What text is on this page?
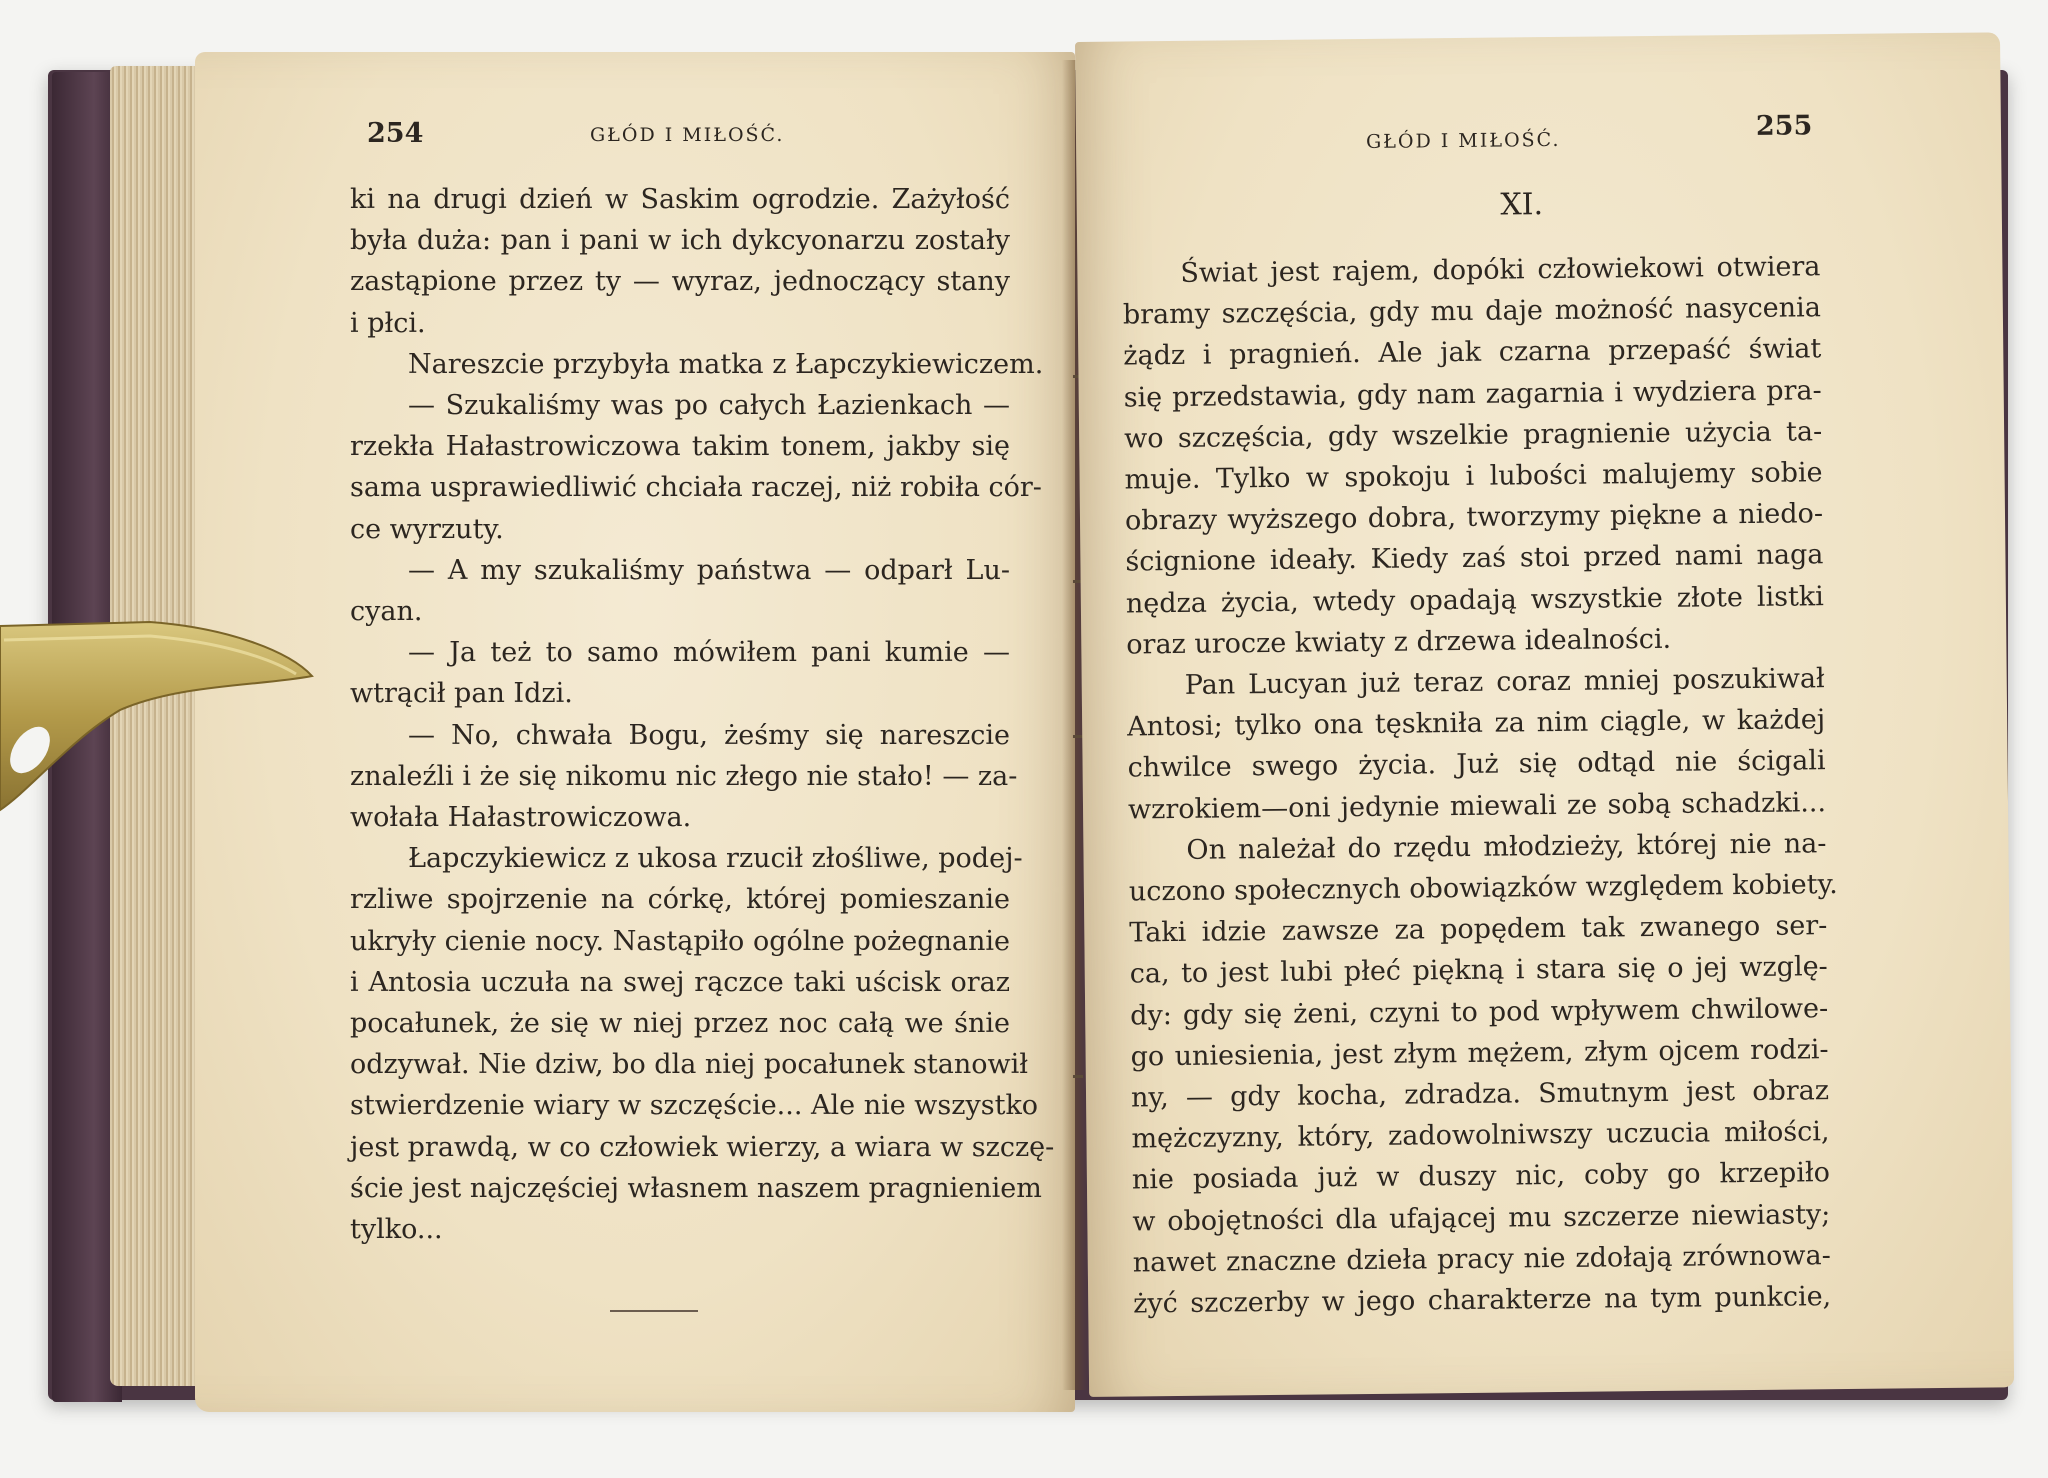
254	GŁÓD I MIŁOŚĆ.
ki na drugi dzień w Saskim ogrodzie. Zażyłość
była duża: pan i pani w ich dykcyonarzu zostały
zastąpione przez ty — wyraz, jednoczący stany
i płci.
Nareszcie przybyła matka z Łapczykiewiczem.
— Szukaliśmy was po całych Łazienkach —
rzekła Hałastrowiczowa takim tonem, jakby się
sama usprawiedliwić chciała raczej, niż robiła cór-
ce wyrzuty.
— A my szukaliśmy państwa — odparł Lu-
cyan.
— Ja też to samo mówiłem pani kumie —
wtrącił pan Idzi.
— No, chwała Bogu, żeśmy się nareszcie
znaleźli i że się nikomu nic złego nie stało! — za-
wołała Hałastrowiczowa.
Łapczykiewicz z ukosa rzucił złośliwe, podej-
rzliwe spojrzenie na córkę, której pomieszanie
ukryły cienie nocy. Nastąpiło ogólne pożegnanie
i Antosia uczuła na swej rączce taki uścisk oraz
pocałunek, że się w niej przez noc całą we śnie
odzywał. Nie dziw, bo dla niej pocałunek stanowił
stwierdzenie wiary w szczęście... Ale nie wszystko
jest prawdą, w co człowiek wierzy, a wiara w szczę-
ście jest najczęściej własnem naszem pragnieniem
tylko...
GŁÓD I MIŁOŚĆ.	255
XI.
Świat jest rajem, dopóki człowiekowi otwiera
bramy szczęścia, gdy mu daje możność nasycenia
żądz i pragnień. Ale jak czarna przepaść świat
się przedstawia, gdy nam zagarnia i wydziera pra-
wo szczęścia, gdy wszelkie pragnienie użycia ta-
muje. Tylko w spokoju i lubości malujemy sobie
obrazy wyższego dobra, tworzymy piękne a niedo-
ścignione ideały. Kiedy zaś stoi przed nami naga
nędza życia, wtedy opadają wszystkie złote listki
oraz urocze kwiaty z drzewa idealności.
Pan Lucyan już teraz coraz mniej poszukiwał
Antosi; tylko ona tęskniła za nim ciągle, w każdej
chwilce swego życia. Już się odtąd nie ścigali
wzrokiem—oni jedynie miewali ze sobą schadzki...
On należał do rzędu młodzieży, której nie na-
uczono społecznych obowiązków względem kobiety.
Taki idzie zawsze za popędem tak zwanego ser-
ca, to jest lubi płeć piękną i stara się o jej wzglę-
dy: gdy się żeni, czyni to pod wpływem chwilowe-
go uniesienia, jest złym mężem, złym ojcem rodzi-
ny, — gdy kocha, zdradza. Smutnym jest obraz
mężczyzny, który, zadowolniwszy uczucia miłości,
nie posiada już w duszy nic, coby go krzepiło
w obojętności dla ufającej mu szczerze niewiasty;
nawet znaczne dzieła pracy nie zdołają zrównowa-
żyć szczerby w jego charakterze na tym punkcie,
